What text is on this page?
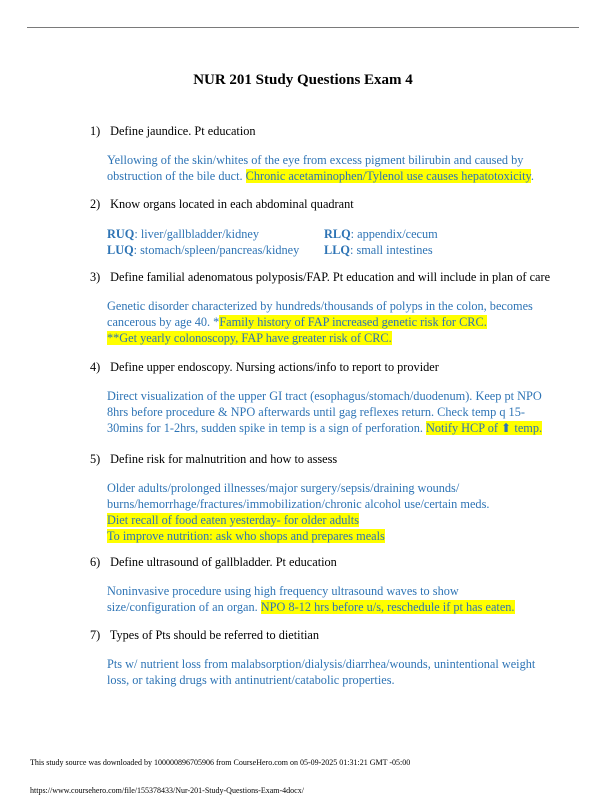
NUR 201 Study Questions Exam 4
1) Define jaundice. Pt education
Yellowing of the skin/whites of the eye from excess pigment bilirubin and caused by
obstruction of the bile duct. Chronic acetaminophen/Tylenol use causes hepatotoxicity.
2) Know organs located in each abdominal quadrant
RUQ: liver/gallbladder/kidney	RLQ: appendix/cecum
LUQ: stomach/spleen/pancreas/kidney	LLQ: small intestines
3) Define familial adenomatous polyposis/FAP. Pt education and will include in plan of care
Genetic disorder characterized by hundreds/thousands of polyps in the colon, becomes
cancerous by age 40. *Family history of FAP increased genetic risk for CRC.
**Get yearly colonoscopy, FAP have greater risk of CRC.
4) Define upper endoscopy. Nursing actions/info to report to provider
Direct visualization of the upper GI tract (esophagus/stomach/duodenum). Keep pt NPO
8hrs before procedure & NPO afterwards until gag reflexes return. Check temp q 15-
30mins for 1-2hrs, sudden spike in temp is a sign of perforation. Notify HCP of ⬆ temp.
5) Define risk for malnutrition and how to assess
Older adults/prolonged illnesses/major surgery/sepsis/draining wounds/
burns/hemorrhage/fractures/immobilization/chronic alcohol use/certain meds.
Diet recall of food eaten yesterday- for older adults
To improve nutrition: ask who shops and prepares meals
6) Define ultrasound of gallbladder. Pt education
Noninvasive procedure using high frequency ultrasound waves to show
size/configuration of an organ. NPO 8-12 hrs before u/s, reschedule if pt has eaten.
7) Types of Pts should be referred to dietitian
Pts w/ nutrient loss from malabsorption/dialysis/diarrhea/wounds, unintentional weight
loss, or taking drugs with antinutrient/catabolic properties.
This study source was downloaded by 100000896705906 from CourseHero.com on 05-09-2025 01:31:21 GMT -05:00
https://www.coursehero.com/file/155378433/Nur-201-Study-Questions-Exam-4docx/
